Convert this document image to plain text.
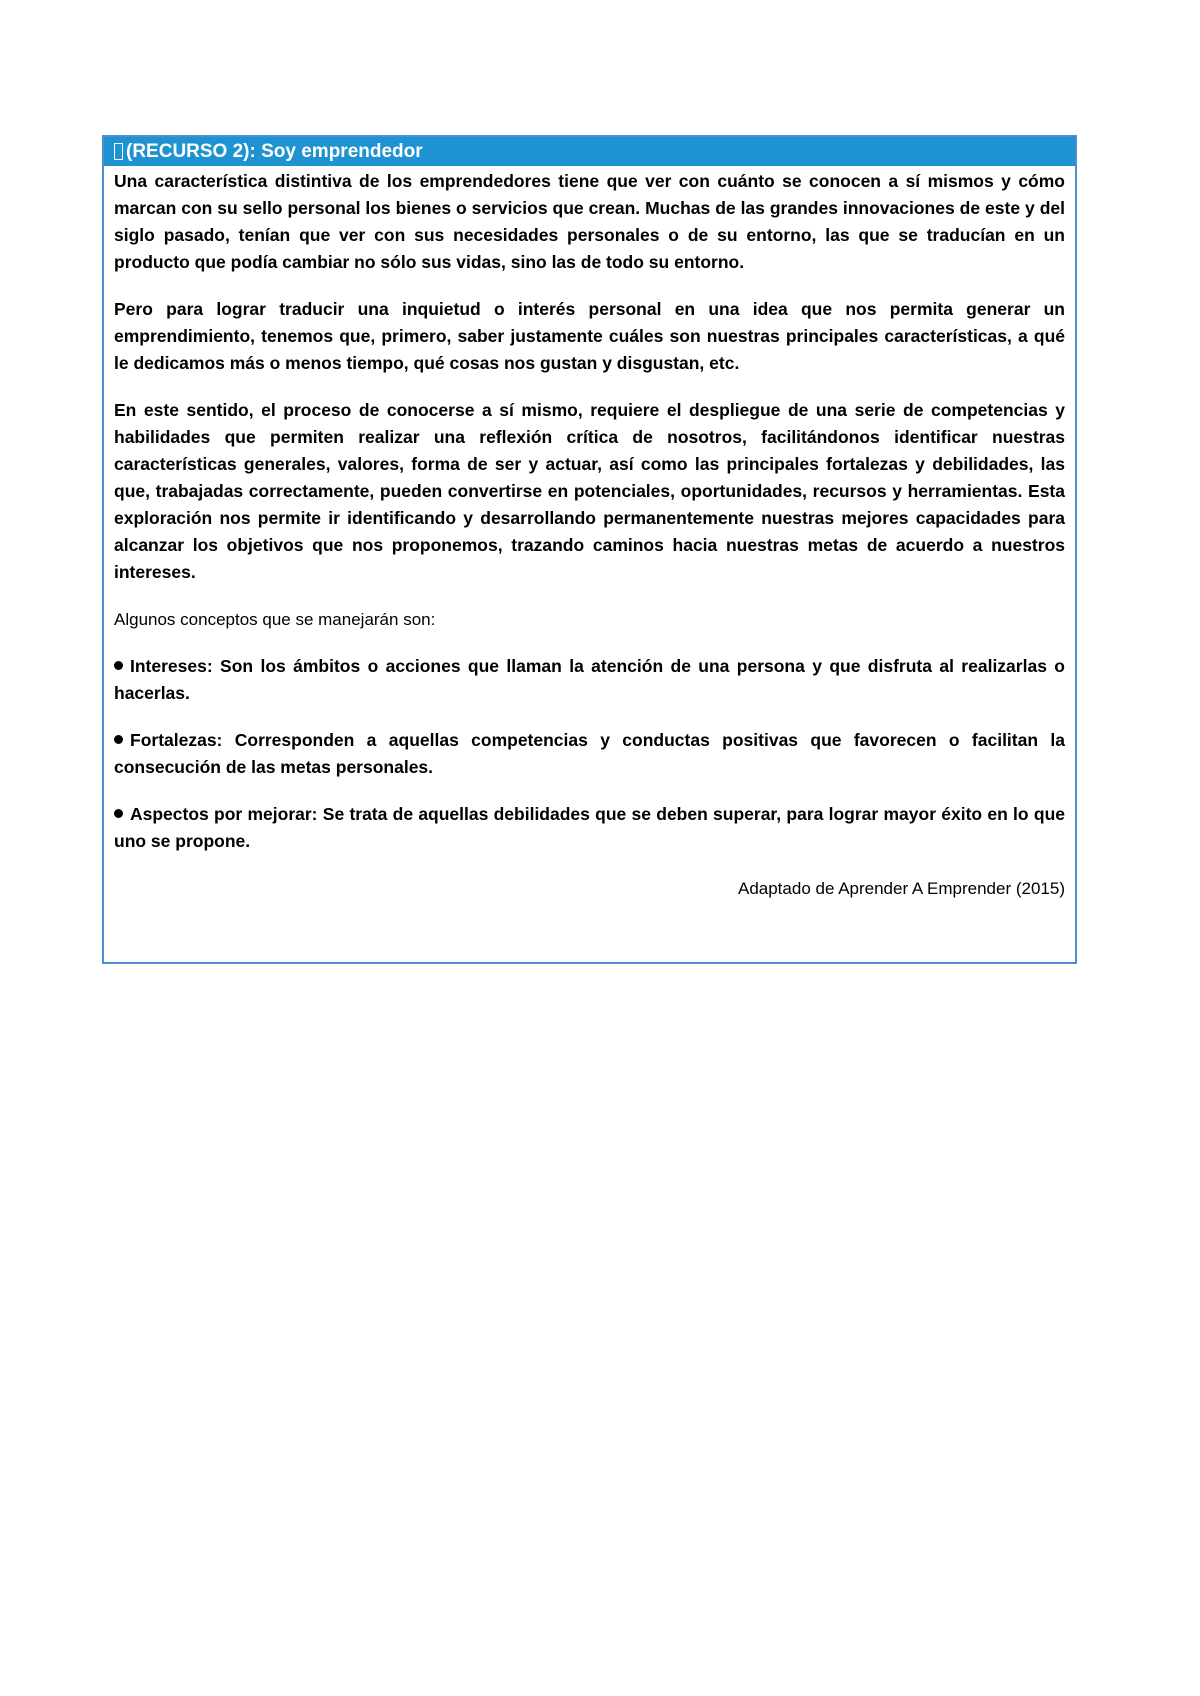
(RECURSO 2): Soy emprendedor

Una característica distintiva de los emprendedores tiene que ver con cuánto se conocen a sí mismos y cómo marcan con su sello personal los bienes o servicios que crean. Muchas de las grandes innovaciones de este y del siglo pasado, tenían que ver con sus necesidades personales o de su entorno, las que se traducían en un producto que podía cambiar no sólo sus vidas, sino las de todo su entorno.

Pero para lograr traducir una inquietud o interés personal en una idea que nos permita generar un emprendimiento, tenemos que, primero, saber justamente cuáles son nuestras principales características, a qué le dedicamos más o menos tiempo, qué cosas nos gustan y disgustan, etc.

En este sentido, el proceso de conocerse a sí mismo, requiere el despliegue de una serie de competencias y habilidades que permiten realizar una reflexión crítica de nosotros, facilitándonos identificar nuestras características generales, valores, forma de ser y actuar, así como las principales fortalezas y debilidades, las que, trabajadas correctamente, pueden convertirse en potenciales, oportunidades, recursos y herramientas. Esta exploración nos permite ir identificando y desarrollando permanentemente nuestras mejores capacidades para alcanzar los objetivos que nos proponemos, trazando caminos hacia nuestras metas de acuerdo a nuestros intereses.

Algunos conceptos que se manejarán son:

Intereses: Son los ámbitos o acciones que llaman la atención de una persona y que disfruta al realizarlas o hacerlas.

Fortalezas: Corresponden a aquellas competencias y conductas positivas que favorecen o facilitan la consecución de las metas personales.

Aspectos por mejorar: Se trata de aquellas debilidades que se deben superar, para lograr mayor éxito en lo que uno se propone.

Adaptado de Aprender A Emprender (2015)
